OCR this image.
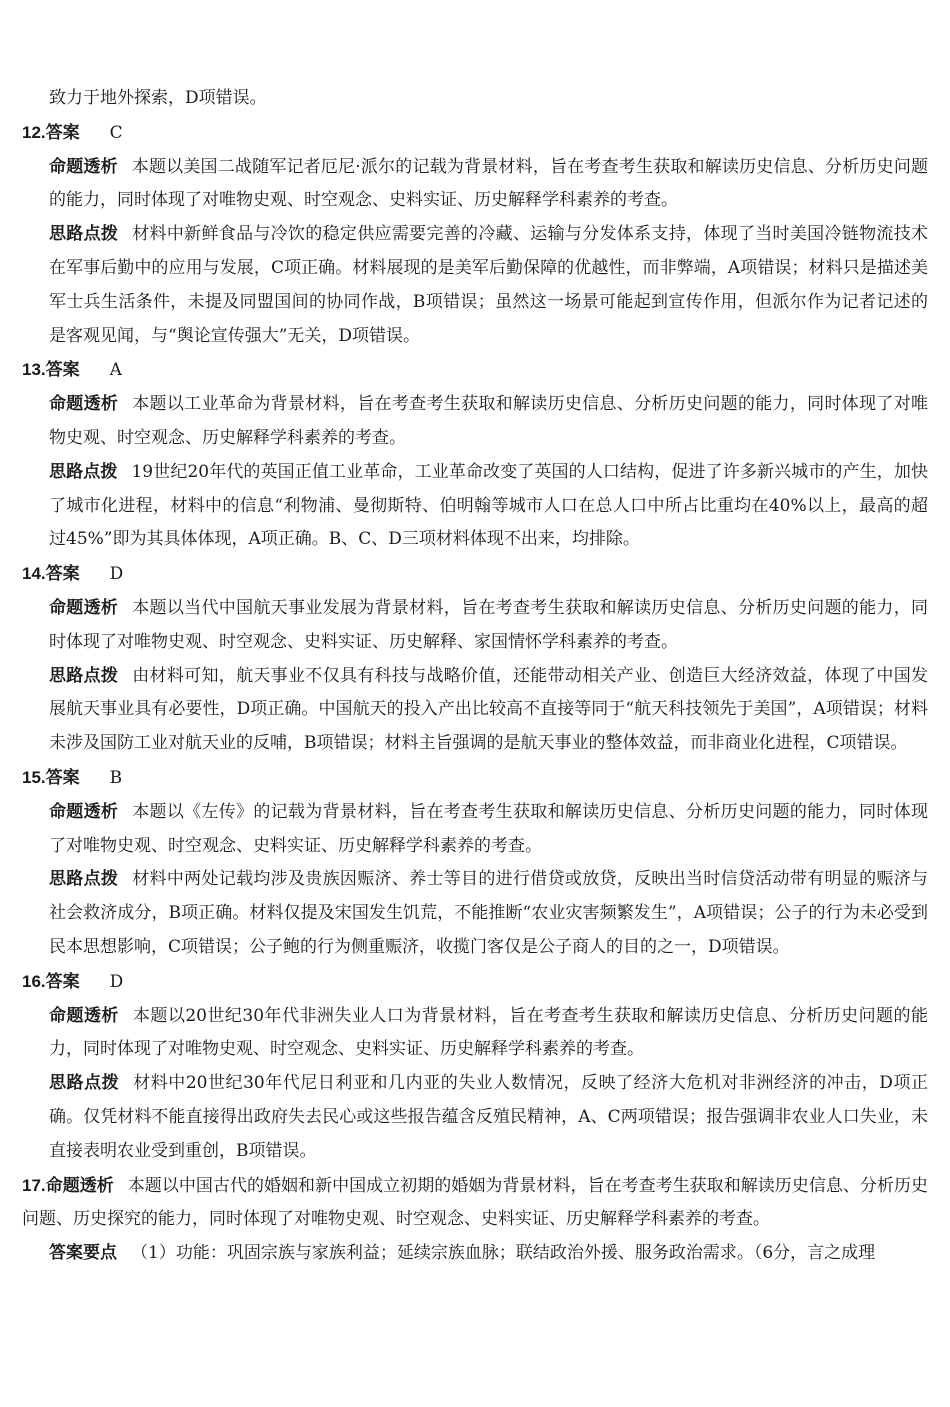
致力于地外探索，D项错误。

12.答案 C

命题透析 本题以美国二战随军记者厄尼·派尔的记载为背景材料，旨在考查考生获取和解读历史信息、分析历史问题的能力，同时体现了对唯物史观、时空观念、史料实证、历史解释学科素养的考查。

思路点拨 材料中新鲜食品与冷饮的稳定供应需要完善的冷藏、运输与分发体系支持，体现了当时美国冷链物流技术在军事后勤中的应用与发展，C项正确。材料展现的是美军后勤保障的优越性，而非弊端，A项错误；材料只是描述美军士兵生活条件，未提及同盟国间的协同作战，B项错误；虽然这一场景可能起到宣传作用，但派尔作为记者记述的是客观见闻，与“舆论宣传强大”无关，D项错误。

13.答案 A

命题透析 本题以工业革命为背景材料，旨在考查考生获取和解读历史信息、分析历史问题的能力，同时体现了对唯物史观、时空观念、历史解释学科素养的考查。

思路点拨 19世纪20年代的英国正值工业革命，工业革命改变了英国的人口结构，促进了许多新兴城市的产生，加快了城市化进程，材料中的信息“利物浦、曼彻斯特、伯明翰等城市人口在总人口中所占比重均在40%以上，最高的超过45%”即为其具体体现，A项正确。B、C、D三项材料体现不出来，均排除。

14.答案 D

命题透析 本题以当代中国航天事业发展为背景材料，旨在考查考生获取和解读历史信息、分析历史问题的能力，同时体现了对唯物史观、时空观念、史料实证、历史解释、家国情怀学科素养的考查。

思路点拨 由材料可知，航天事业不仅具有科技与战略价值，还能带动相关产业、创造巨大经济效益，体现了中国发展航天事业具有必要性，D项正确。中国航天的投入产出比较高不直接等同于“航天科技领先于美国”，A项错误；材料未涉及国防工业对航天业的反哺，B项错误；材料主旨强调的是航天事业的整体效益，而非商业化进程，C项错误。

15.答案 B

命题透析 本题以《左传》的记载为背景材料，旨在考查考生获取和解读历史信息、分析历史问题的能力，同时体现了对唯物史观、时空观念、史料实证、历史解释学科素养的考查。

思路点拨 材料中两处记载均涉及贵族因赈济、养士等目的进行借贷或放贷，反映出当时信贷活动带有明显的赈济与社会救济成分，B项正确。材料仅提及宋国发生饥荒，不能推断“农业灾害频繁发生”，A项错误；公子的行为未必受到民本思想影响，C项错误；公子鲍的行为侧重赈济，收揽门客仅是公子商人的目的之一，D项错误。

16.答案 D

命题透析 本题以20世纪30年代非洲失业人口为背景材料，旨在考查考生获取和解读历史信息、分析历史问题的能力，同时体现了对唯物史观、时空观念、史料实证、历史解释学科素养的考查。

思路点拨 材料中20世纪30年代尼日利亚和几内亚的失业人数情况，反映了经济大危机对非洲经济的冲击，D项正确。仅凭材料不能直接得出政府失去民心或这些报告蕴含反殖民精神，A、C两项错误；报告强调非农业人口失业，未直接表明农业受到重创，B项错误。

17.命题透析 本题以中国古代的婚姻和新中国成立初期的婚姻为背景材料，旨在考查考生获取和解读历史信息、分析历史问题、历史探究的能力，同时体现了对唯物史观、时空观念、史料实证、历史解释学科素养的考查。

答案要点 （1）功能：巩固宗族与家族利益；延续宗族血脉；联结政治外援、服务政治需求。（6分，言之成理
